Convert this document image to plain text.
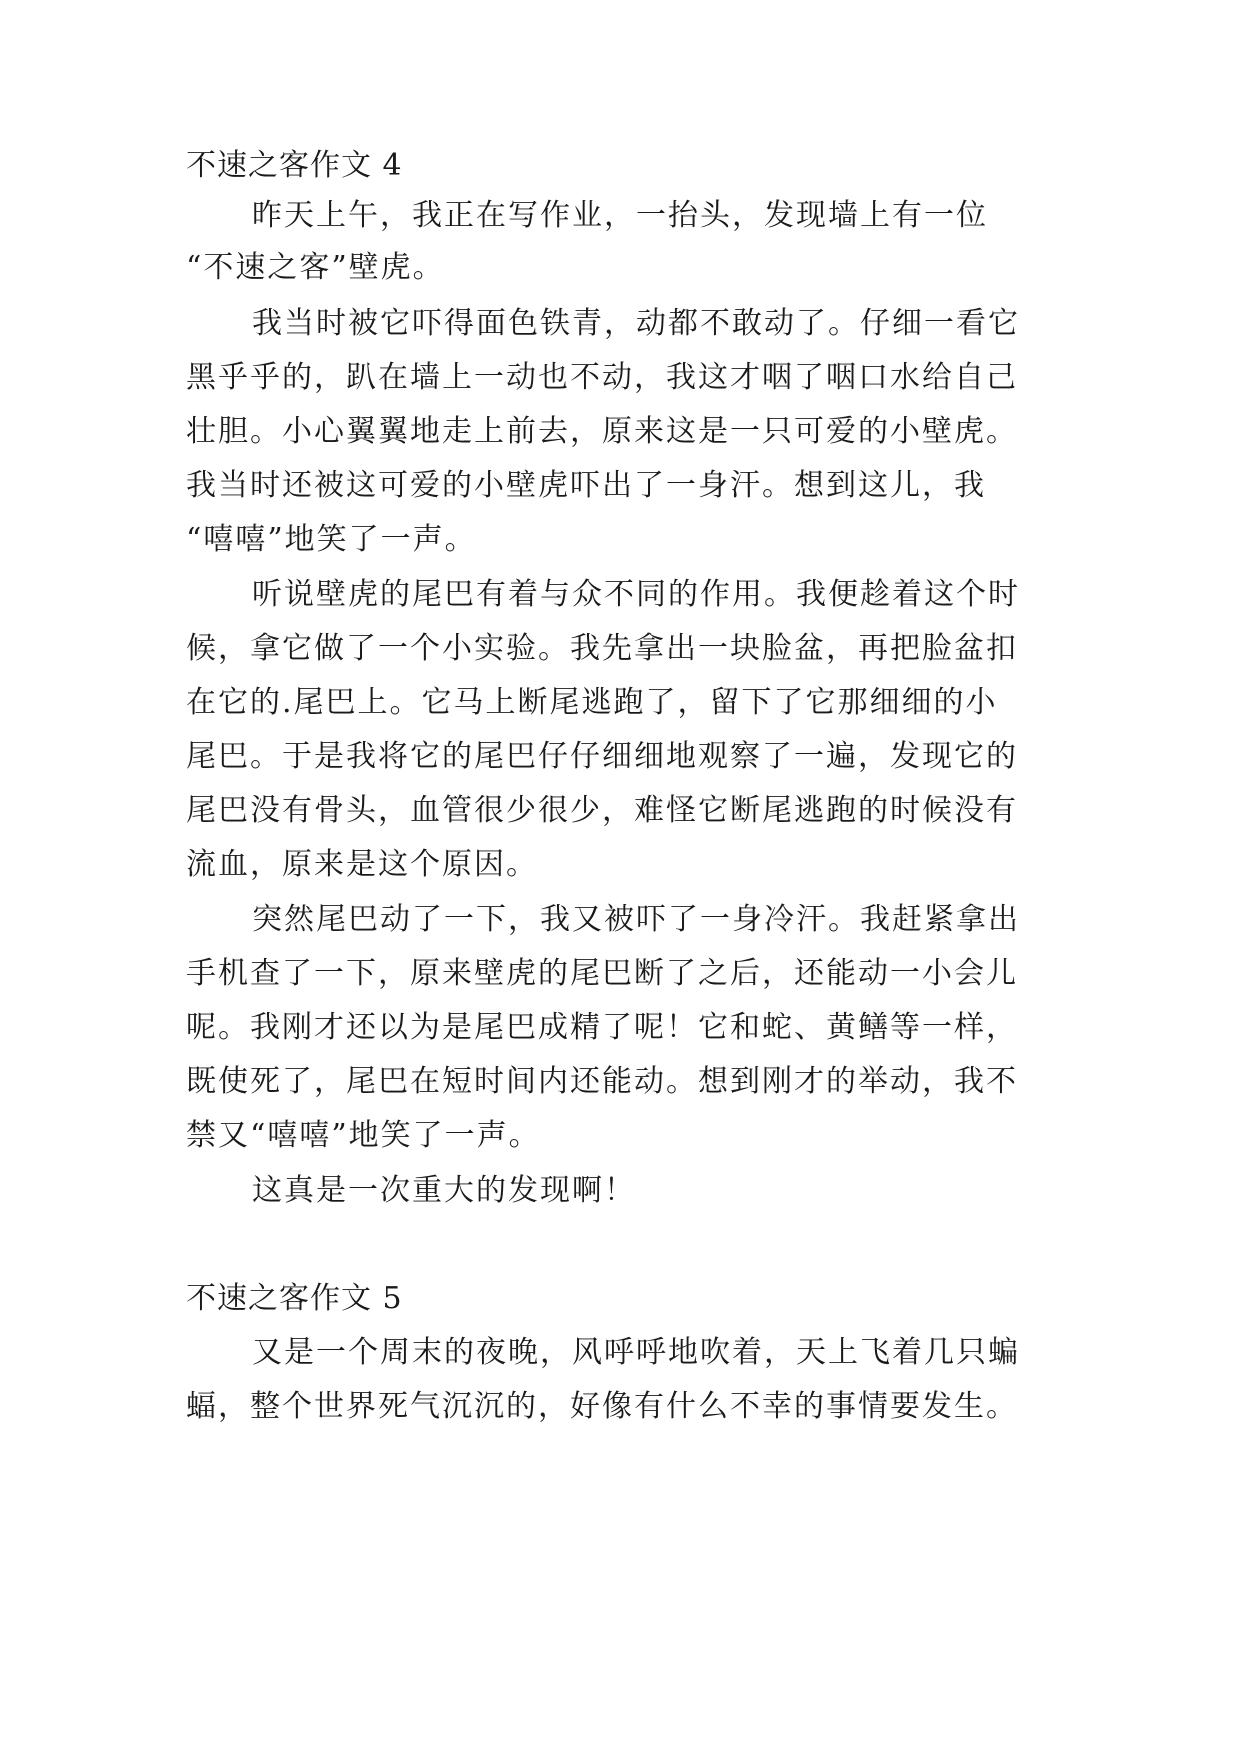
不速之客作文 4
昨天上午，我正在写作业，一抬头，发现墙上有一位
“不速之客”壁虎。
我当时被它吓得面色铁青，动都不敢动了。仔细一看它
黑乎乎的，趴在墙上一动也不动，我这才咽了咽口水给自己
壮胆。小心翼翼地走上前去，原来这是一只可爱的小壁虎。
我当时还被这可爱的小壁虎吓出了一身汗。想到这儿，我
“嘻嘻”地笑了一声。
听说壁虎的尾巴有着与众不同的作用。我便趁着这个时
候，拿它做了一个小实验。我先拿出一块脸盆，再把脸盆扣
在它的.尾巴上。它马上断尾逃跑了，留下了它那细细的小
尾巴。于是我将它的尾巴仔仔细细地观察了一遍，发现它的
尾巴没有骨头，血管很少很少，难怪它断尾逃跑的时候没有
流血，原来是这个原因。
突然尾巴动了一下，我又被吓了一身冷汗。我赶紧拿出
手机查了一下，原来壁虎的尾巴断了之后，还能动一小会儿
呢。我刚才还以为是尾巴成精了呢！它和蛇、黄鳝等一样，
既使死了，尾巴在短时间内还能动。想到刚才的举动，我不
禁又“嘻嘻”地笑了一声。
这真是一次重大的发现啊！
不速之客作文 5
又是一个周末的夜晚，风呼呼地吹着，天上飞着几只蝙
蝠，整个世界死气沉沉的，好像有什么不幸的事情要发生。
